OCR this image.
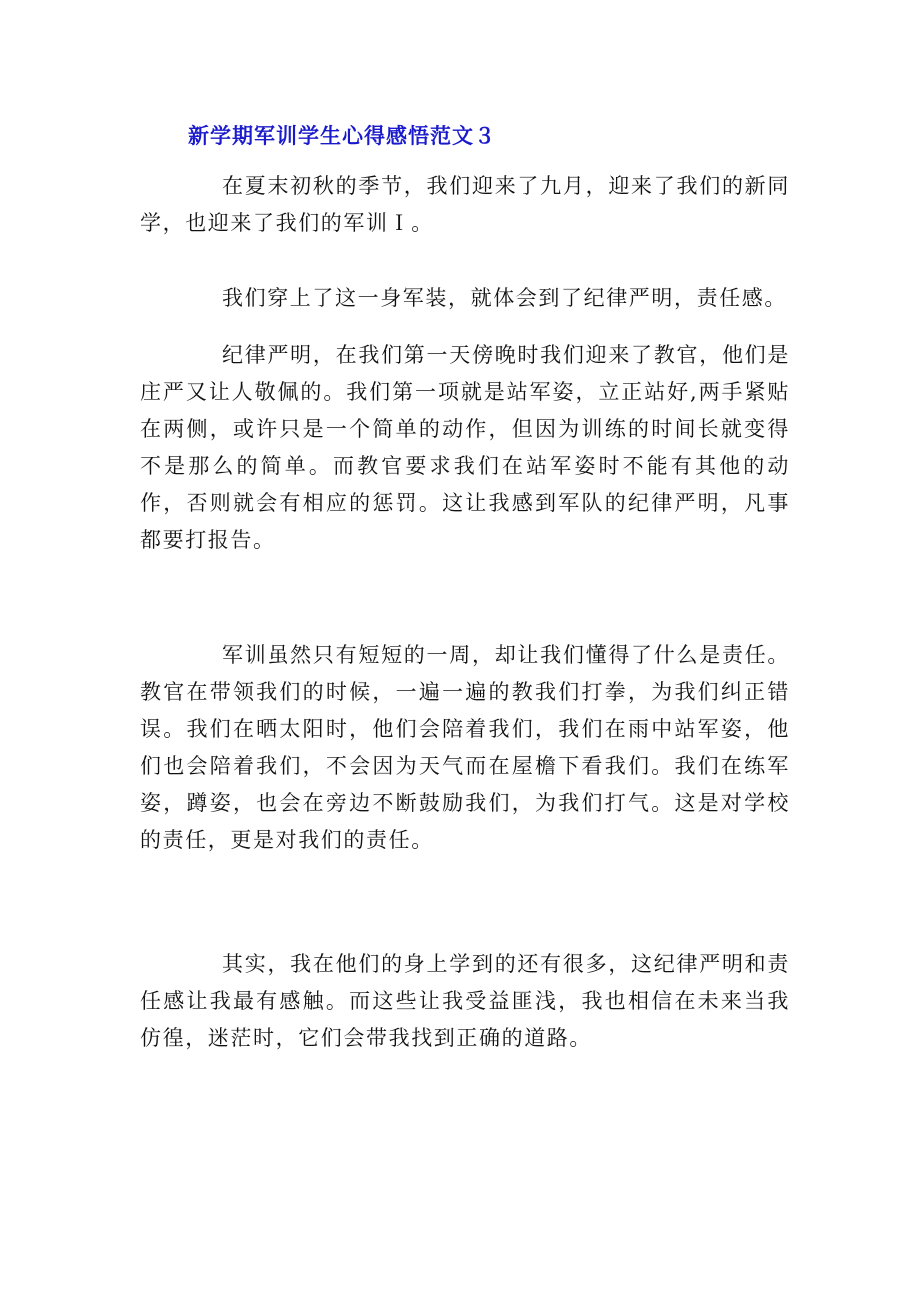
新学期军训学生心得感悟范文３

在夏末初秋的季节，我们迎来了九月，迎来了我们的新同学，也迎来了我们的军训Ｉ。

我们穿上了这一身军装，就体会到了纪律严明，责任感。

纪律严明，在我们第一天傍晚时我们迎来了教官，他们是庄严又让人敬佩的。我们第一项就是站军姿，立正站好,两手紧贴在两侧，或许只是一个简单的动作，但因为训练的时间长就变得不是那么的简单。而教官要求我们在站军姿时不能有其他的动作，否则就会有相应的惩罚。这让我感到军队的纪律严明，凡事都要打报告。

军训虽然只有短短的一周，却让我们懂得了什么是责任。教官在带领我们的时候，一遍一遍的教我们打拳，为我们纠正错误。我们在晒太阳时，他们会陪着我们，我们在雨中站军姿，他们也会陪着我们，不会因为天气而在屋檐下看我们。我们在练军姿，蹲姿，也会在旁边不断鼓励我们，为我们打气。这是对学校的责任，更是对我们的责任。

其实，我在他们的身上学到的还有很多，这纪律严明和责任感让我最有感触。而这些让我受益匪浅，我也相信在未来当我仿徨，迷茫时，它们会带我找到正确的道路。
